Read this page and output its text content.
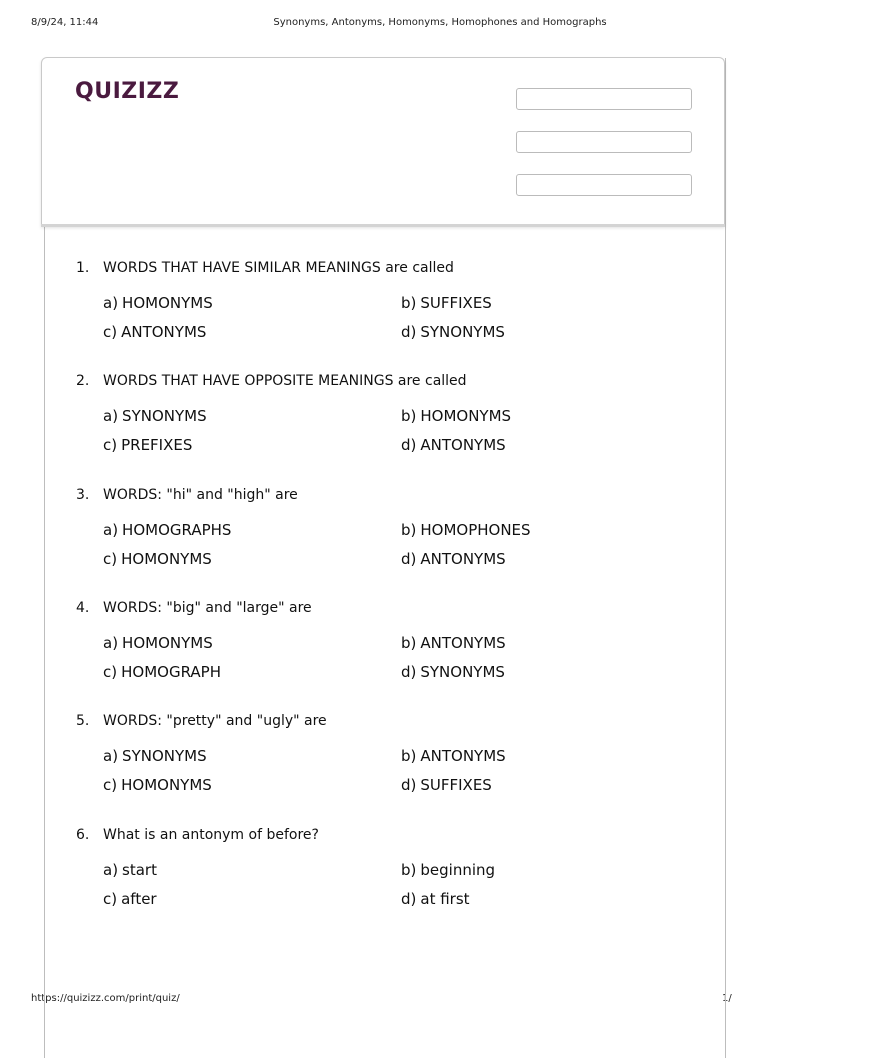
8/9/24, 11:44	Synonyms, Antonyms, Homonyms, Homophones and Homographs
https://quizizz.com/print/quiz/	1/
QUIZIZZ
1. WORDS THAT HAVE SIMILAR MEANINGS are called
a) HOMONYMS	b) SUFFIXES
c) ANTONYMS	d) SYNONYMS
2. WORDS THAT HAVE OPPOSITE MEANINGS are called
a) SYNONYMS	b) HOMONYMS
c) PREFIXES	d) ANTONYMS
3. WORDS: "hi" and "high" are
a) HOMOGRAPHS	b) HOMOPHONES
c) HOMONYMS	d) ANTONYMS
4. WORDS: "big" and "large" are
a) HOMONYMS	b) ANTONYMS
c) HOMOGRAPH	d) SYNONYMS
5. WORDS: "pretty" and "ugly" are
a) SYNONYMS	b) ANTONYMS
c) HOMONYMS	d) SUFFIXES
6. What is an antonym of before?
a) start	b) beginning
c) after	d) at first
